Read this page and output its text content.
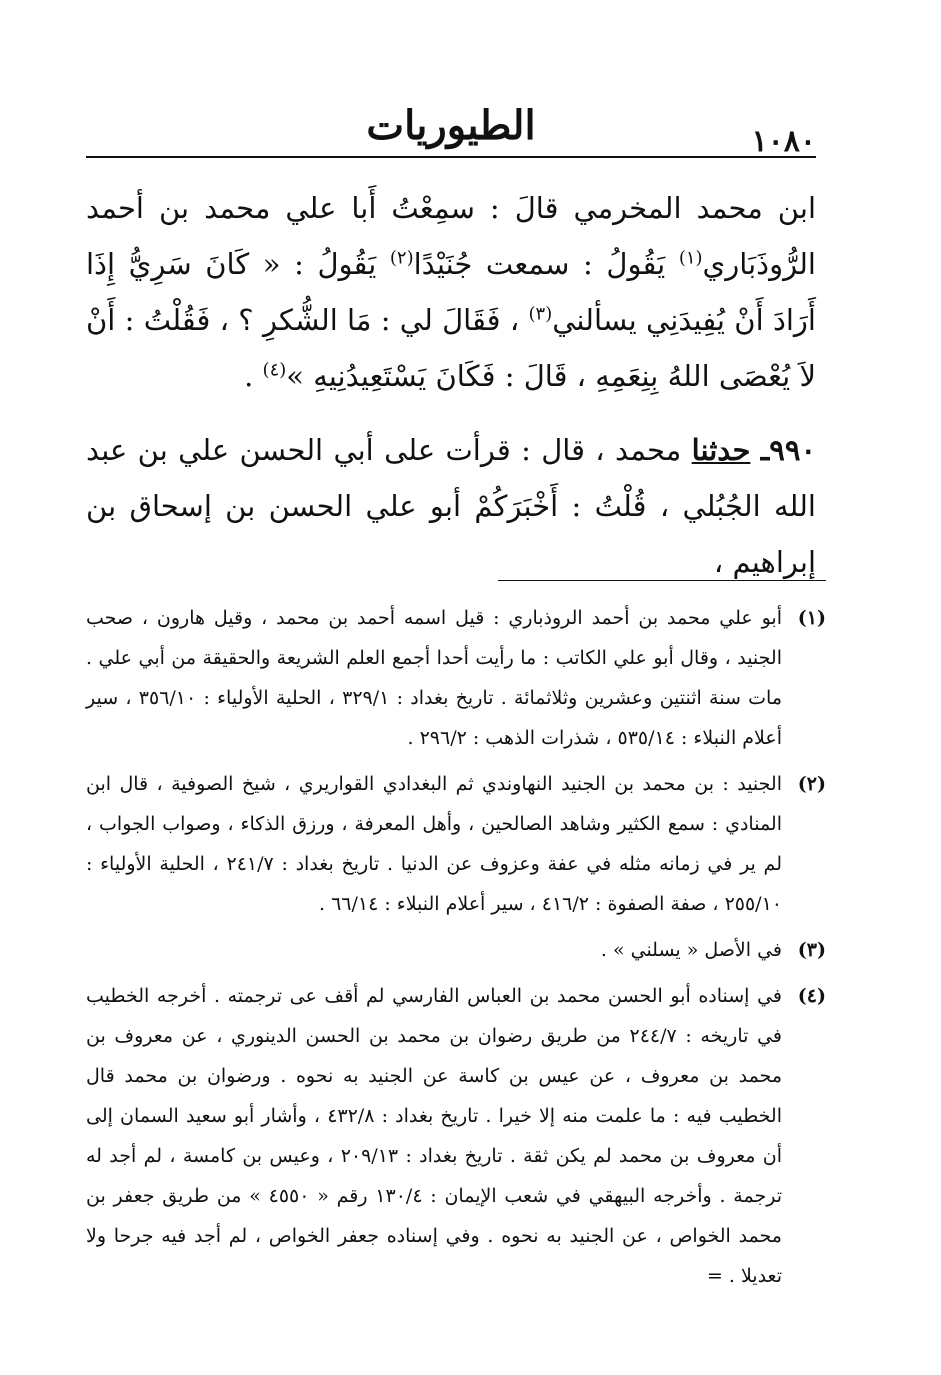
١٠٨٠
الطيوريات

ابن محمد المخرمي قالَ : سمِعْتُ أَبا علي محمد بن أحمد الرُّوذَبَاري$^{(١)}$ يَقُولُ : سمعت جُنَيْدًا$^{(٢)}$ يَقُولُ : « كَانَ سَرِيُّ إِذَا أَرَادَ أَنْ يُفِيدَنِي يسألني$^{(٣)}$ ، فَقَالَ لي : مَا الشُّكرِ ؟ ، فَقُلْتُ : أَنْ لاَ يُعْصَى اللهُ بِنِعَمِهِ ، قَالَ : فَكَانَ يَسْتَعِيدُنِيهِ »$^{(٤)}$ .

٩٩٠ـ حدثنا محمد ، قال : قرأت على أبي الحسن علي بن عبد الله الجُبُلي ، قُلْتُ : أَخْبَرَكُمْ أبو علي الحسن بن إسحاق بن إبراهيم ،

(١)
أبو علي محمد بن أحمد الروذباري : قيل اسمه أحمد بن محمد ، وقيل هارون ، صحب الجنيد ، وقال أبو علي الكاتب : ما رأيت أحدا أجمع العلم الشريعة والحقيقة من أبي علي . مات سنة اثنتين وعشرين وثلاثمائة . تاريخ بغداد : ٣٢٩/١ ، الحلية الأولياء : ٣٥٦/١٠ ، سير أعلام النبلاء : ٥٣٥/١٤ ، شذرات الذهب : ٢٩٦/٢ .
(٢)
الجنيد : بن محمد بن الجنيد النهاوندي ثم البغدادي القواريري ، شيخ الصوفية ، قال ابن المنادي : سمع الكثير وشاهد الصالحين ، وأهل المعرفة ، ورزق الذكاء ، وصواب الجواب ، لم ير في زمانه مثله في عفة وعزوف عن الدنيا . تاريخ بغداد : ٢٤١/٧ ، الحلية الأولياء : ٢٥٥/١٠ ، صفة الصفوة : ٤١٦/٢ ، سير أعلام النبلاء : ٦٦/١٤ .
(٣)
في الأصل « يسلني » .
(٤)
في إسناده أبو الحسن محمد بن العباس الفارسي لم أقف عى ترجمته . أخرجه الخطيب في تاريخه : ٢٤٤/٧ من طريق رضوان بن محمد بن الحسن الدينوري ، عن معروف بن محمد بن معروف ، عن عيس بن كاسة عن الجنيد به نحوه . ورضوان بن محمد قال الخطيب فيه : ما علمت منه إلا خيرا . تاريخ بغداد : ٤٣٢/٨ ، وأشار أبو سعيد السمان إلى أن معروف بن محمد لم يكن ثقة . تاريخ بغداد : ٢٠٩/١٣ ، وعيس بن كامسة ، لم أجد له ترجمة . وأخرجه البيهقي في شعب الإيمان : ١٣٠/٤ رقم « ٤٥٥٠ » من طريق جعفر بن محمد الخواص ، عن الجنيد به نحوه . وفي إسناده جعفر الخواص ، لم أجد فيه جرحا ولا تعديلا . =
